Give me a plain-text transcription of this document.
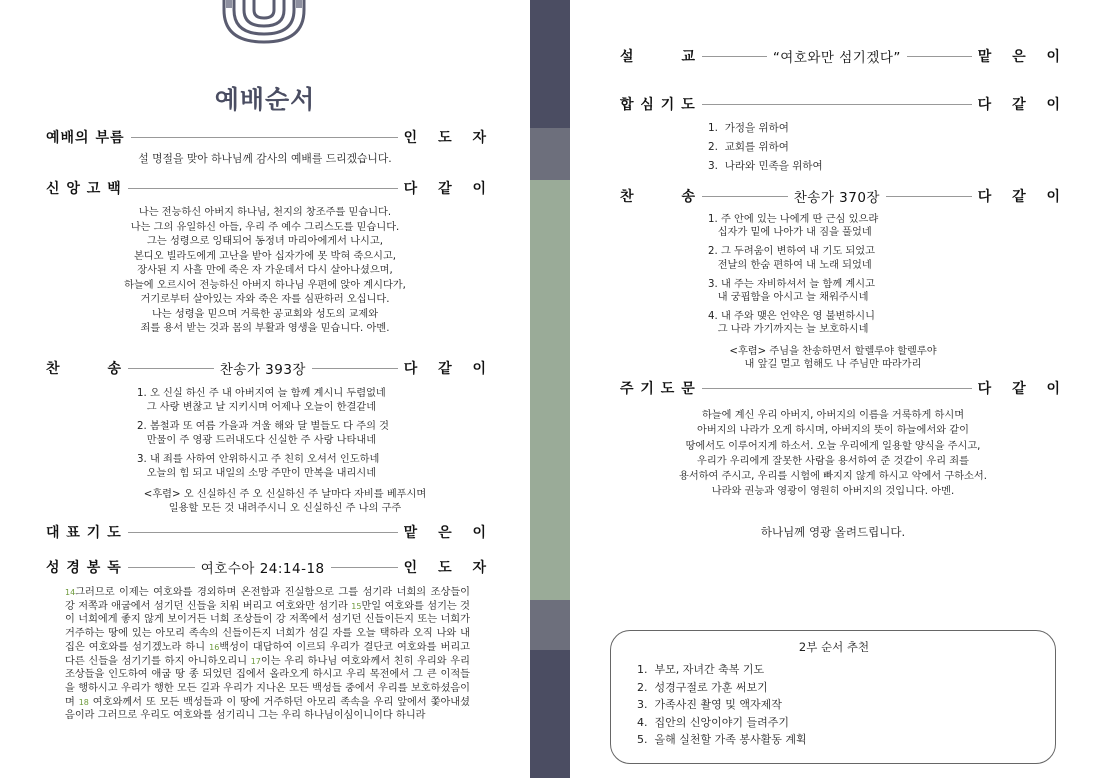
예배순서
예배의 부름	인 도 자
설 명절을 맞아 하나님께 감사의 예배를 드리겠습니다.
신 앙 고 백	다 같 이
나는 전능하신 아버지 하나님, 천지의 창조주를 믿습니다.
나는 그의 유일하신 아들, 우리 주 예수 그리스도를 믿습니다.
그는 성령으로 잉태되어 동정녀 마리아에게서 나시고,
본디오 빌라도에게 고난을 받아 십자가에 못 박혀 죽으시고,
장사된 지 사흘 만에 죽은 자 가운데서 다시 살아나셨으며,
하늘에 오르시어 전능하신 아버지 하나님 우편에 앉아 계시다가,
거기로부터 살아있는 자와 죽은 자를 심판하러 오십니다.
나는 성령을 믿으며 거룩한 공교회와 성도의 교제와
죄를 용서 받는 것과 몸의 부활과 영생을 믿습니다. 아멘.
찬        송	찬송가 393장	다 같 이
1. 오 신실 하신 주 내 아버지여 늘 함께 계시니 두렴없네
그 사랑 변찮고 날 지키시며 어제나 오늘이 한결같네
2. 봄철과 또 여름 가을과 겨울 해와 달 별들도 다 주의 것
만물이 주 영광 드러내도다 신실한 주 사랑 나타내네
3. 내 죄를 사하여 안위하시고 주 친히 오셔서 인도하네
오늘의 힘 되고 내일의 소망 주만이 만복을 내리시네
<후렴> 오 신실하신 주 오 신실하신 주 날마다 자비를 베푸시며
일용할 모든 것 내려주시니 오 신실하신 주 나의 구주
대 표 기 도	맡 은 이
성 경 봉 독	여호수아 24:14-18	인 도 자
14그러므로 이제는 여호와를 경외하며 온전함과 진실함으로 그를 섬기라 너희의 조상들이 강 저쪽과 애굽에서 섬기던 신들을 치워 버리고 여호와만 섬기라 15만일 여호와를 섬기는 것이 너희에게 좋지 않게 보이거든 너희 조상들이 강 저쪽에서 섬기던 신들이든지 또는 너희가 거주하는 땅에 있는 아모리 족속의 신들이든지 너희가 섬길 자를 오늘 택하라 오직 나와 내 집은 여호와를 섬기겠노라 하니 16백성이 대답하여 이르되 우리가 결단코 여호와를 버리고 다른 신들을 섬기기를 하지 아니하오리니 17이는 우리 하나님 여호와께서 친히 우리와 우리 조상들을 인도하여 애굽 땅 종 되었던 집에서 올라오게 하시고 우리 목전에서 그 큰 이적들을 행하시고 우리가 행한 모든 길과 우리가 지나온 모든 백성들 중에서 우리를 보호하셨음이며 18 여호와께서 또 모든 백성들과 이 땅에 거주하던 아모리 족속을 우리 앞에서 쫓아내셨음이라 그러므로 우리도 여호와를 섬기리니 그는 우리 하나님이심이니이다 하니라
설        교	“여호와만 섬기겠다”	맡 은 이
합 심 기 도	다 같 이
1.  가정을 위하여
2.  교회를 위하여
3.  나라와 민족을 위하여
찬        송	찬송가 370장	다 같 이
1. 주 안에 있는 나에게 딴 근심 있으랴
십자가 밑에 나아가 내 짐을 풀었네
2. 그 두려움이 변하여 내 기도 되었고
전날의 한숨 편하여 내 노래 되었네
3. 내 주는 자비하셔서 늘 함께 계시고
내 궁핍함을 아시고 늘 채워주시네
4. 내 주와 맺은 언약은 영 불변하시니
그 나라 가기까지는 늘 보호하시네
<후렴> 주님을 찬송하면서 할렐루야 할렐루야
내 앞길 멀고 험해도 나 주님만 따라가리
주 기 도 문	다 같 이
하늘에 계신 우리 아버지, 아버지의 이름을 거룩하게 하시며
아버지의 나라가 오게 하시며, 아버지의 뜻이 하늘에서와 같이
땅에서도 이루어지게 하소서. 오늘 우리에게 일용할 양식을 주시고,
우리가 우리에게 잘못한 사람을 용서하여 준 것같이 우리 죄를
용서하여 주시고, 우리를 시험에 빠지지 않게 하시고 악에서 구하소서.
나라와 권능과 영광이 영원히 아버지의 것입니다. 아멘.
하나님께 영광 올려드립니다.
2부 순서 추천
1.  부모, 자녀간 축복 기도
2.  성경구절로 가훈 써보기
3.  가족사진 촬영 및 액자제작
4.  집안의 신앙이야기 들려주기
5.  올해 실천할 가족 봉사활동 계획
